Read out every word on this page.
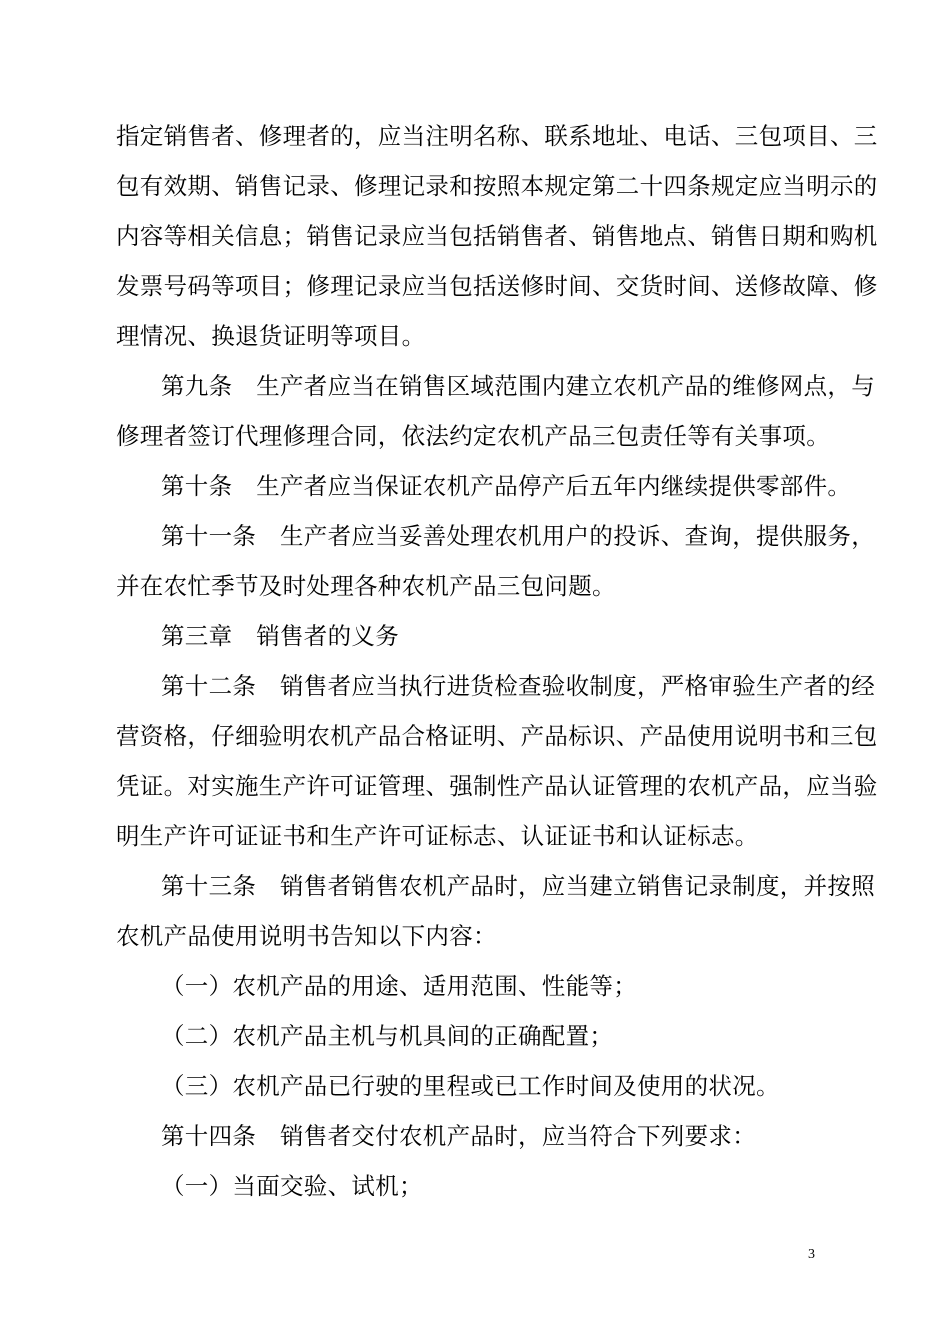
指定销售者、修理者的，应当注明名称、联系地址、电话、三包项目、三
包有效期、销售记录、修理记录和按照本规定第二十四条规定应当明示的
内容等相关信息；销售记录应当包括销售者、销售地点、销售日期和购机
发票号码等项目；修理记录应当包括送修时间、交货时间、送修故障、修
理情况、换退货证明等项目。
第九条　生产者应当在销售区域范围内建立农机产品的维修网点，与
修理者签订代理修理合同，依法约定农机产品三包责任等有关事项。
第十条　生产者应当保证农机产品停产后五年内继续提供零部件。
第十一条　生产者应当妥善处理农机用户的投诉、查询，提供服务，
并在农忙季节及时处理各种农机产品三包问题。
第三章　销售者的义务
第十二条　销售者应当执行进货检查验收制度，严格审验生产者的经
营资格，仔细验明农机产品合格证明、产品标识、产品使用说明书和三包
凭证。对实施生产许可证管理、强制性产品认证管理的农机产品，应当验
明生产许可证证书和生产许可证标志、认证证书和认证标志。
第十三条　销售者销售农机产品时，应当建立销售记录制度，并按照
农机产品使用说明书告知以下内容：
（一）农机产品的用途、适用范围、性能等；
（二）农机产品主机与机具间的正确配置；
（三）农机产品已行驶的里程或已工作时间及使用的状况。
第十四条　销售者交付农机产品时，应当符合下列要求：
（一）当面交验、试机；
3
